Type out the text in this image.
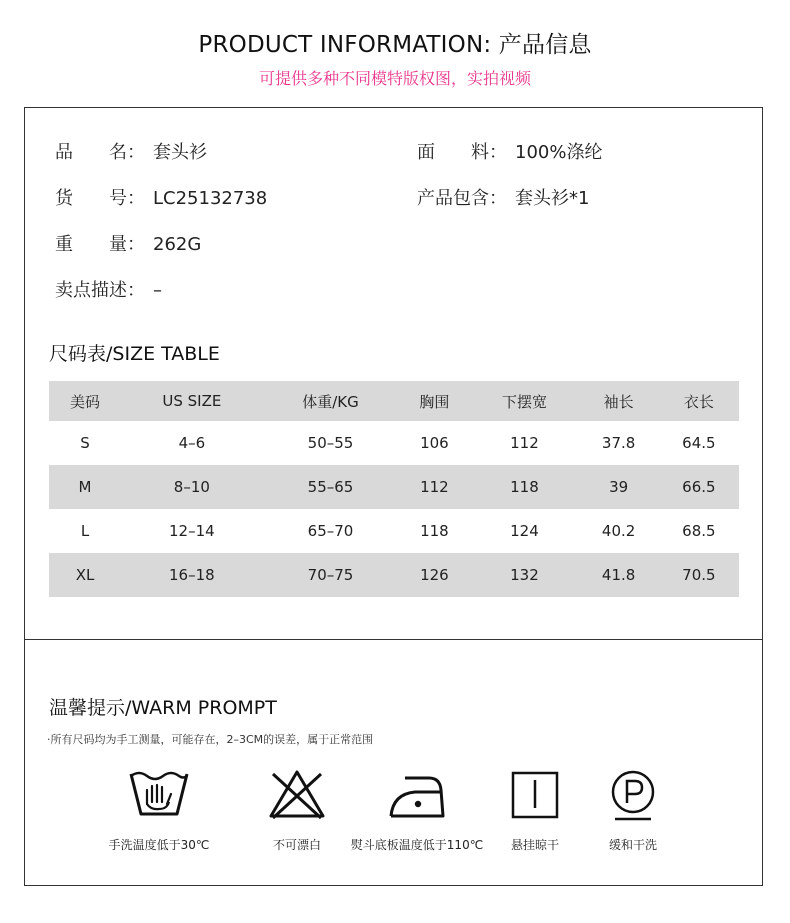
PRODUCT INFORMATION: 产品信息
可提供多种不同模特版权图，实拍视频
品　　名： 套头衫	面　　料： 100%涤纶
货　　号： LC25132738	产品包含： 套头衫*1
重　　量： 262G
卖点描述： –
尺码表/SIZE TABLE
美码	US SIZE	体重/KG	胸围	下摆宽	袖长	衣长
S	4–6	50–55	106	112	37.8	64.5
M	8–10	55–65	112	118	39	66.5
L	12–14	65–70	118	124	40.2	68.5
XL	16–18	70–75	126	132	41.8	70.5
温馨提示/WARM PROMPT
·所有尺码均为手工测量，可能存在，2–3CM的误差，属于正常范围
手洗温度低于30℃	不可漂白	熨斗底板温度低于110℃	悬挂晾干	缓和干洗
